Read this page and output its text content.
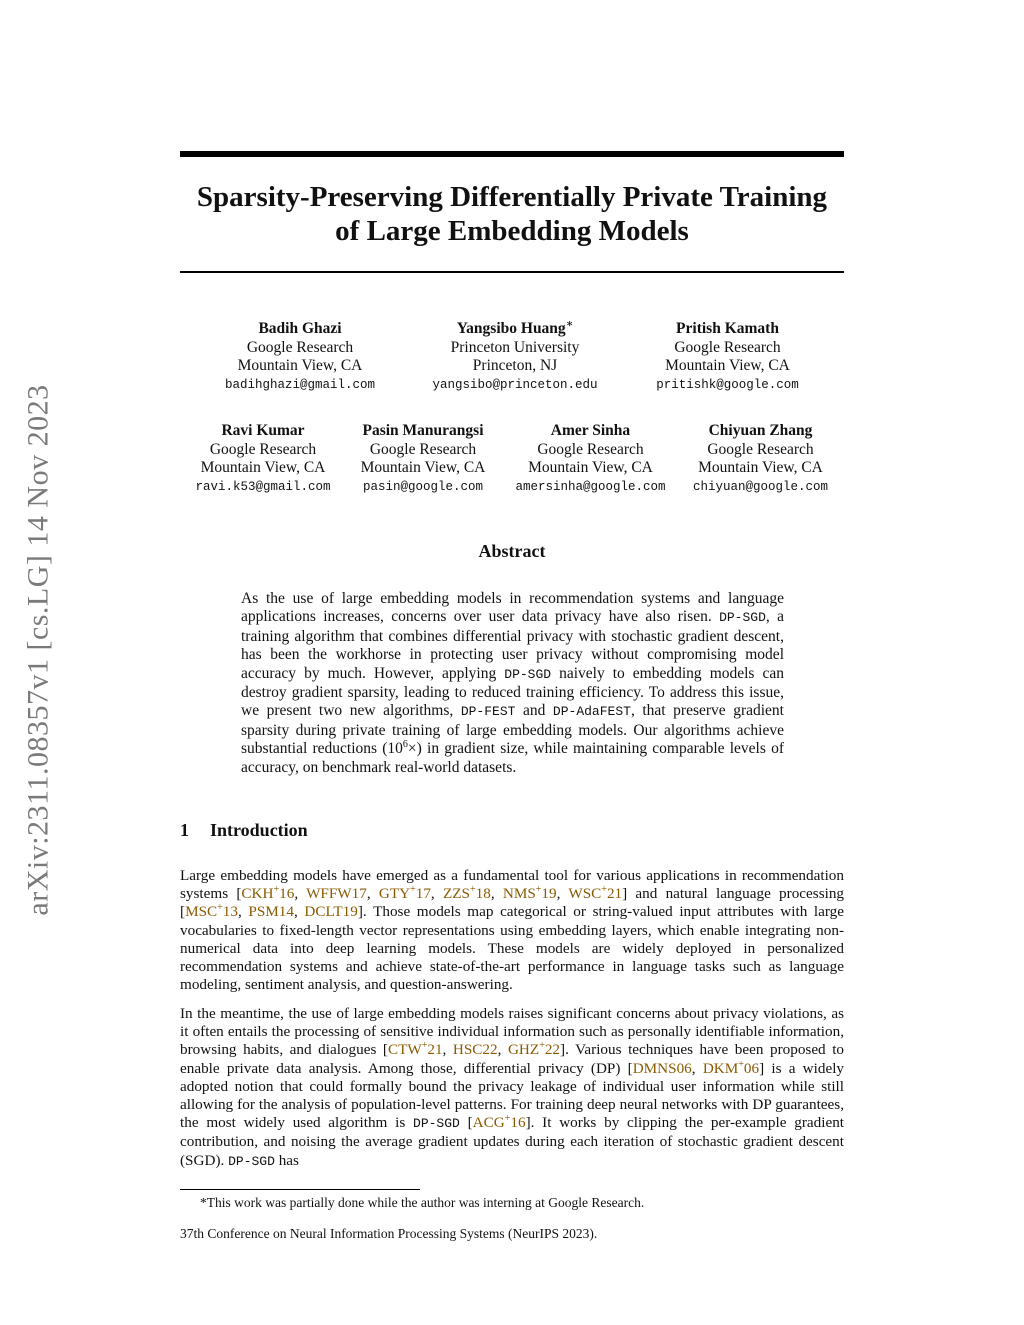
arXiv:2311.08357v1 [cs.LG] 14 Nov 2023
Sparsity-Preserving Differentially Private Training
of Large Embedding Models
Badih Ghazi
Google Research
Mountain View, CA
badihghazi@gmail.com
Yangsibo Huang∗
Princeton University
Princeton, NJ
yangsibo@princeton.edu
Pritish Kamath
Google Research
Mountain View, CA
pritishk@google.com
Ravi Kumar
Google Research
Mountain View, CA
ravi.k53@gmail.com
Pasin Manurangsi
Google Research
Mountain View, CA
pasin@google.com
Amer Sinha
Google Research
Mountain View, CA
amersinha@google.com
Chiyuan Zhang
Google Research
Mountain View, CA
chiyuan@google.com
Abstract

As the use of large embedding models in recommendation systems and language applications increases, concerns over user data privacy have also risen. DP-SGD, a training algorithm that combines differential privacy with stochastic gradient descent, has been the workhorse in protecting user privacy without compromising model accuracy by much. However, applying DP-SGD naively to embedding models can destroy gradient sparsity, leading to reduced training efficiency. To address this issue, we present two new algorithms, DP-FEST and DP-AdaFEST, that preserve gradient sparsity during private training of large embedding models. Our algorithms achieve substantial reductions $(10^6\times)$ in gradient size, while maintaining comparable levels of accuracy, on benchmark real-world datasets.

1 Introduction

Large embedding models have emerged as a fundamental tool for various applications in recommendation systems [CKH+16, WFFW17, GTY+17, ZZS+18, NMS+19, WSC+21] and natural language processing [MSC+13, PSM14, DCLT19]. Those models map categorical or string-valued input attributes with large vocabularies to fixed-length vector representations using embedding layers, which enable integrating non-numerical data into deep learning models. These models are widely deployed in personalized recommendation systems and achieve state-of-the-art performance in language tasks such as language modeling, sentiment analysis, and question-answering.

In the meantime, the use of large embedding models raises significant concerns about privacy violations, as it often entails the processing of sensitive individual information such as personally identifiable information, browsing habits, and dialogues [CTW+21, HSC22, GHZ+22]. Various techniques have been proposed to enable private data analysis. Among those, differential privacy (DP) [DMNS06, DKM+06] is a widely adopted notion that could formally bound the privacy leakage of individual user information while still allowing for the analysis of population-level patterns. For training deep neural networks with DP guarantees, the most widely used algorithm is DP-SGD [ACG+16]. It works by clipping the per-example gradient contribution, and noising the average gradient updates during each iteration of stochastic gradient descent (SGD). DP-SGD has

*This work was partially done while the author was interning at Google Research.

37th Conference on Neural Information Processing Systems (NeurIPS 2023).
